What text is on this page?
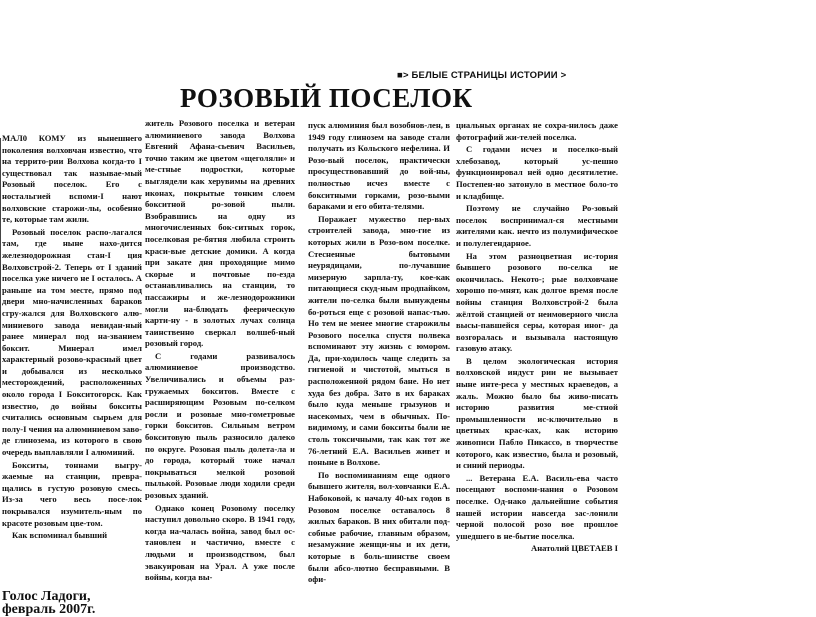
■> БЕЛЫЕ СТРАНИЦЫ ИСТОРИИ >
РОЗОВЫЙ ПОСЕЛОК

МАЛ0 КОМУ из нынешнего поколения волховчан известно, что на террито-рии Волхова когда-то I существовал так называе-мый Розовый поселок. Его с ностальгией вспоми-I нают волховские старожи-лы, особенно те, которые там жили.

Розовый поселок распо-лагался там, где ныне нахо-дится железнодорожная стан-I ция Волховстрой-2. Теперь от I зданий поселка уже ничего не I осталось. А раньше на том месте, прямо под двери мно-начисленных бараков сгру-жался для Волховского алю-миниевого завода невидан-ный ранее минерал под на-званием боксит. Минерал имел характерный розово-красный цвет и добывался из несколько месторождений, расположенных около города I Бокситогорск. Как известно, до войны бокситы считались основным сырьем для полу-I чения на алюминиевом заво-де глинозема, из которого в свою очередь выплавляли I алюминий.

Бокситы, тоннами выгру-жаемые на станции, превра-щались в густую розовую смесь. Из-за чего весь посе-лок покрывался изумитель-ным по красоте розовым цве-том.

Как вспоминал бывший

житель Розового поселка и ветеран алюминиевого завода Волхова Евгений Афана-сьевич Васильев, точно таким же цветом «щеголяли» и ме-стные подростки, которые выглядели как херувимы на древних иконах, покрытые тонким слоем бокситной ро-зовой пыли. Взобравшись на одну из многочисленных бок-ситных горок, поселковая ре-бятня любила строить краси-вые детские домики. А когда при закате дня проходящие мимо скорые и почтовые по-езда останавливались на станции, то пассажиры и же-лезнодорожники могли на-блюдать феерическую карти-ну - в золотых лучах солнца таинственно сверкал волшеб-ный розовый город.

С годами развивалось алюминиевое производство. Увеличивались и объемы раз-гружаемых бокситов. Вместе с расширяющим Розовым по-селком росли и розовые мно-гометровые горки бокситов. Сильным ветром бокситовую пыль разносило далеко по округе. Розовая пыль долета-ла и до города, который тоже начал покрываться мелкой розовой пылькой. Розовые люди ходили среди розовых зданий.

Однако конец Розовому поселку наступил довольно скоро. В 1941 году, когда на-чалась война, завод был ос-тановлен и частично, вместе с людьми и производством, был эвакуирован на Урал. А уже после войны, когда вы-

пуск алюминия был возобнов-лен, в 1949 году глинозем на заводе стали получать из Кольского нефелина. И Розо-вый поселок, практически просуществовавший до вой-ны, полностью исчез вместе с бокситными горками, розо-выми бараками и его обита-телями.

Поражает мужество пер-вых строителей завода, мно-гие из которых жили в Розо-вом поселке. Стесненные бытовыми неурядицами, по-лучавшие мизерную зарпла-ту, кое-как питающиеся скуд-ным продпайком, жители по-селка были вынуждены бо-роться еще с розовой напас-тью. Но тем не менее многие старожилы Розового поселка спустя полвека вспоминают эту жизнь с юмором. Да, при-ходилось чаще следить за гигиеной и чистотой, мыться в расположенной рядом бане. Но нет худа без добра. Зато в их бараках было куда меньше грызунов и насекомых, чем в обычных. По-видимому, и сами бокситы были не столь токсичными, так как тот же 76-летний Е.А. Васильев живет и поныне в Волхове.

По воспоминаниям еще одного бывшего жителя, вол-ховчанки Е.А. Набоковой, к началу 40-ых годов в Розовом поселке оставалось 8 жилых бараков. В них обитали под-собные рабочие, главным образом, незамужние женщи-ны и их дети, которые в боль-шинстве своем были абсо-лютно бесправными. В офи-

циальных органах не сохра-нилось даже фотографий жи-телей поселка.

С годами исчез и поселко-вый хлебозавод, который ус-пешно функционировал ней одно десятилетие. Постепен-но затонуло в местное боло-то и кладбище.

Поэтому не случайно Ро-зовый поселок воспринимал-ся местными жителями как. нечто из полумифическое и полулегендарное.

На этом разноцветная ис-тория бывшего розового по-селка не окончилась. Некото-; рые волховчане хорошо по-мнят, как долгое время после войны станция Волховстрой-2 была жёлтой станцией от неимоверного числа высы-павшейся серы, которая иног- да возгоралась и вызывала настоящую газовую атаку.

В целом экологическая история волховской индуст рии не вызывает ныне инте-реса у местных краеведов, а жаль. Можно было бы живо-писать историю развития ме-стной промышленности ис-ключительно в цветных крас-ках, как историю живописи Пабло Пикассо, в творчестве которого, как известно, была и розовый, и синий периоды.

... Ветерана Е.А. Василь-ева часто посещают воспоми-нания о Розовом поселке. Од-нако дальнейшие события нашей истории навсегда зас-лонили черной полосой розо вое прошлое ушедшего в не-бытие поселка.

Анатолий ЦВЕТАЕВ I

Голос Ладоги,
февраль 2007г.
